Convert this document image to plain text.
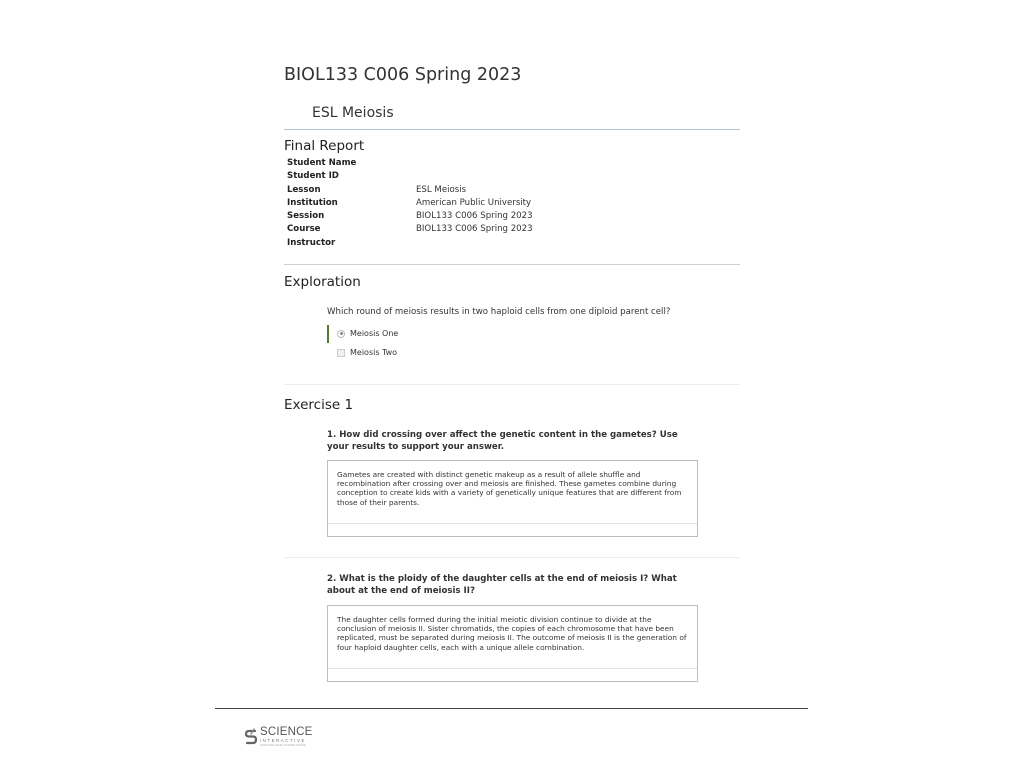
BIOL133 C006 Spring 2023
ESL Meiosis
Final Report
Student Name
Student ID
Lesson	ESL Meiosis
Institution	American Public University
Session	BIOL133 C006 Spring 2023
Course	BIOL133 C006 Spring 2023
Instructor
Exploration
Which round of meiosis results in two haploid cells from one diploid parent cell?
Meiosis One
Meiosis Two
Exercise 1
1. How did crossing over affect the genetic content in the gametes? Use your results to support your answer.
Gametes are created with distinct genetic makeup as a result of allele shuffle and recombination after crossing over and meiosis are finished. These gametes combine during conception to create kids with a variety of genetically unique features that are different from those of their parents.
2. What is the ploidy of the daughter cells at the end of meiosis I? What about at the end of meiosis II?
The daughter cells formed during the initial meiotic division continue to divide at the conclusion of meiosis II. Sister chromatids, the copies of each chromosome that have been replicated, must be separated during meiosis II. The outcome of meiosis II is the generation of four haploid daughter cells, each with a unique allele combination.
SCIENCE
INTERACTIVE
GRADUATE LEVEL SCIENCE ONLINE
